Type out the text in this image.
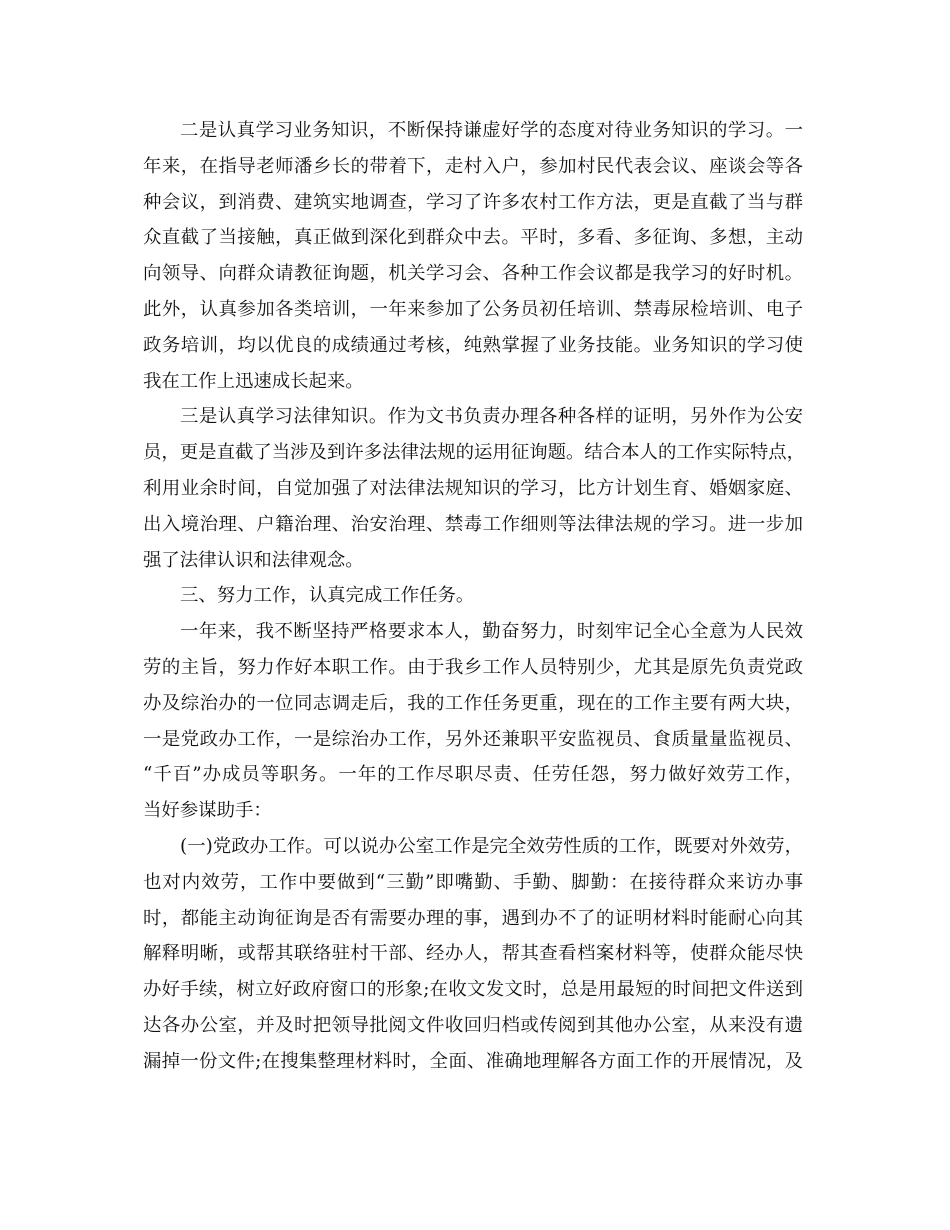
二是认真学习业务知识，不断保持谦虚好学的态度对待业务知识的学习。一
年来，在指导老师潘乡长的带着下，走村入户，参加村民代表会议、座谈会等各
种会议，到消费、建筑实地调查，学习了许多农村工作方法，更是直截了当与群
众直截了当接触，真正做到深化到群众中去。平时，多看、多征询、多想，主动
向领导、向群众请教征询题，机关学习会、各种工作会议都是我学习的好时机。
此外，认真参加各类培训，一年来参加了公务员初任培训、禁毒尿检培训、电子
政务培训，均以优良的成绩通过考核，纯熟掌握了业务技能。业务知识的学习使
我在工作上迅速成长起来。
三是认真学习法律知识。作为文书负责办理各种各样的证明，另外作为公安
员，更是直截了当涉及到许多法律法规的运用征询题。结合本人的工作实际特点，
利用业余时间，自觉加强了对法律法规知识的学习，比方计划生育、婚姻家庭、
出入境治理、户籍治理、治安治理、禁毒工作细则等法律法规的学习。进一步加
强了法律认识和法律观念。
三、努力工作，认真完成工作任务。
一年来，我不断坚持严格要求本人，勤奋努力，时刻牢记全心全意为人民效
劳的主旨，努力作好本职工作。由于我乡工作人员特别少，尤其是原先负责党政
办及综治办的一位同志调走后，我的工作任务更重，现在的工作主要有两大块，
一是党政办工作，一是综治办工作，另外还兼职平安监视员、食质量量监视员、
“千百”办成员等职务。一年的工作尽职尽责、任劳任怨，努力做好效劳工作，
当好参谋助手：
(一)党政办工作。可以说办公室工作是完全效劳性质的工作，既要对外效劳，
也对内效劳，工作中要做到“三勤”即嘴勤、手勤、脚勤：在接待群众来访办事
时，都能主动询征询是否有需要办理的事，遇到办不了的证明材料时能耐心向其
解释明晰，或帮其联络驻村干部、经办人，帮其查看档案材料等，使群众能尽快
办好手续，树立好政府窗口的形象;在收文发文时，总是用最短的时间把文件送到
达各办公室，并及时把领导批阅文件收回归档或传阅到其他办公室，从来没有遗
漏掉一份文件;在搜集整理材料时，全面、准确地理解各方面工作的开展情况，及
